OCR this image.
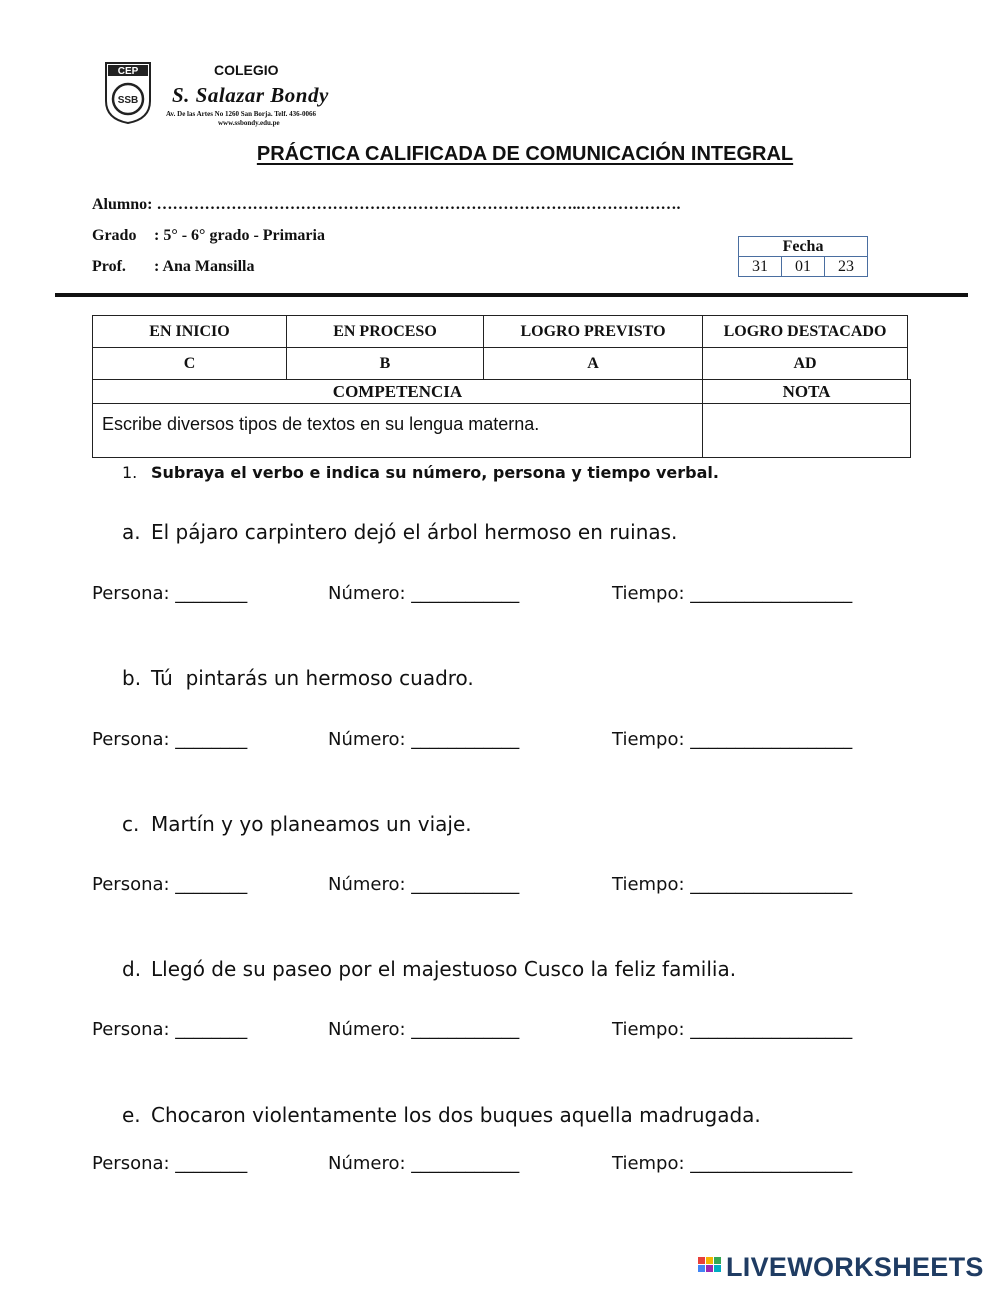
CEP
SSB
COLEGIO
S. Salazar Bondy
Av. De las Artes No 1260 San Borja. Telf. 436-0066
www.ssbondy.edu.pe
PRÁCTICA CALIFICADA DE COMUNICACIÓN INTEGRAL
Alumno: ……………………………………………………………………..……………….
Grado : 5° - 6° grado - Primaria
Prof. : Ana Mansilla
Fecha
31	01	23
EN INICIO	EN PROCESO	LOGRO PREVISTO	LOGRO DESTACADO
C	B	A	AD
COMPETENCIA	NOTA
Escribe diversos tipos de textos en su lengua materna.	
1. Subraya el verbo e indica su número, persona y tiempo verbal.
a. El pájaro carpintero dejó el árbol hermoso en ruinas.
Persona: ________	Número: ____________	Tiempo: __________________
b. Tú  pintarás un hermoso cuadro.
Persona: ________	Número: ____________	Tiempo: __________________
c. Martín y yo planeamos un viaje.
Persona: ________	Número: ____________	Tiempo: __________________
d. Llegó de su paseo por el majestuoso Cusco la feliz familia.
Persona: ________	Número: ____________	Tiempo: __________________
e. Chocaron violentamente los dos buques aquella madrugada.
Persona: ________	Número: ____________	Tiempo: __________________
LIVEWORKSHEETS
